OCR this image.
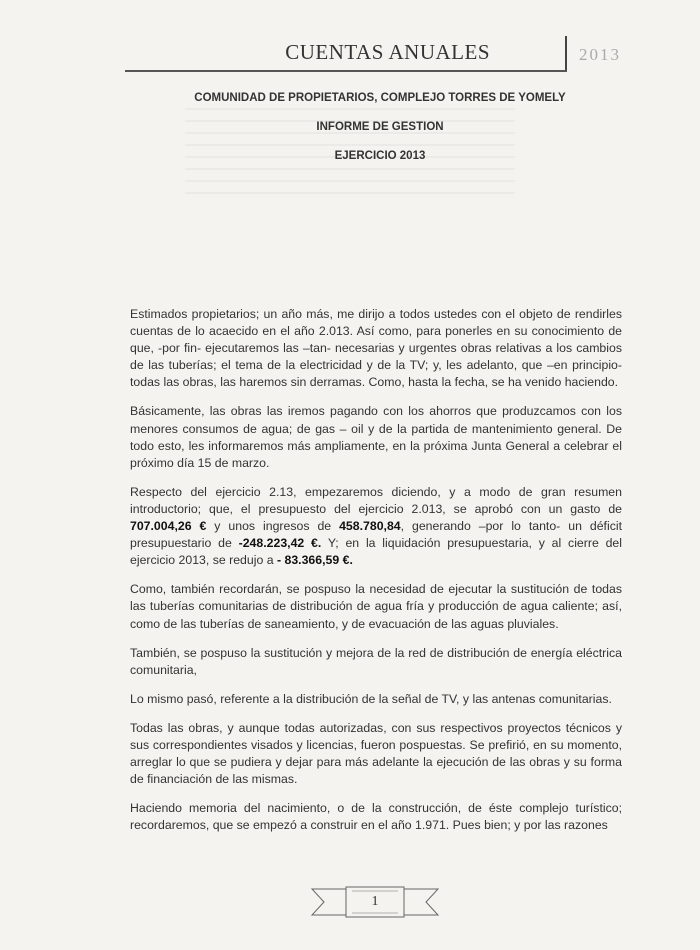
CUENTAS ANUALES	2013
COMUNIDAD DE PROPIETARIOS, COMPLEJO TORRES DE YOMELY
INFORME DE GESTION
EJERCICIO 2013

Estimados propietarios; un año más, me dirijo a todos ustedes con el objeto de rendirles cuentas de lo acaecido en el año 2.013. Así como, para ponerles en su conocimiento de que, -por fin- ejecutaremos las –tan- necesarias y urgentes obras relativas a los cambios de las tuberías; el tema de la electricidad y de la TV; y, les adelanto, que –en principio- todas las obras, las haremos sin derramas. Como, hasta la fecha, se ha venido haciendo.

Básicamente, las obras las iremos pagando con los ahorros que produzcamos con los menores consumos de agua; de gas – oil y de la partida de mantenimiento general. De todo esto, les informaremos más ampliamente, en la próxima Junta General a celebrar el próximo día 15 de marzo.

Respecto del ejercicio 2.13, empezaremos diciendo, y a modo de gran resumen introductorio; que, el presupuesto del ejercicio 2.013, se aprobó con un gasto de 707.004,26 € y unos ingresos de 458.780,84, generando –por lo tanto- un déficit presupuestario de -248.223,42 €. Y; en la liquidación presupuestaria, y al cierre del ejercicio 2013, se redujo a - 83.366,59 €.

Como, también recordarán, se pospuso la necesidad de ejecutar la sustitución de todas las tuberías comunitarias de distribución de agua fría y producción de agua caliente; así, como de las tuberías de saneamiento, y de evacuación de las aguas pluviales.

También, se pospuso la sustitución y mejora de la red de distribución de energía eléctrica comunitaria,

Lo mismo pasó, referente a la distribución de la señal de TV, y las antenas comunitarias.

Todas las obras, y aunque todas autorizadas, con sus respectivos proyectos técnicos y sus correspondientes visados y licencias, fueron pospuestas. Se prefirió, en su momento, arreglar lo que se pudiera y dejar para más adelante la ejecución de las obras y su forma de financiación de las mismas.

Haciendo memoria del nacimiento, o de la construcción, de éste complejo turístico; recordaremos, que se empezó a construir en el año 1.971. Pues bien; y por las razones

1
